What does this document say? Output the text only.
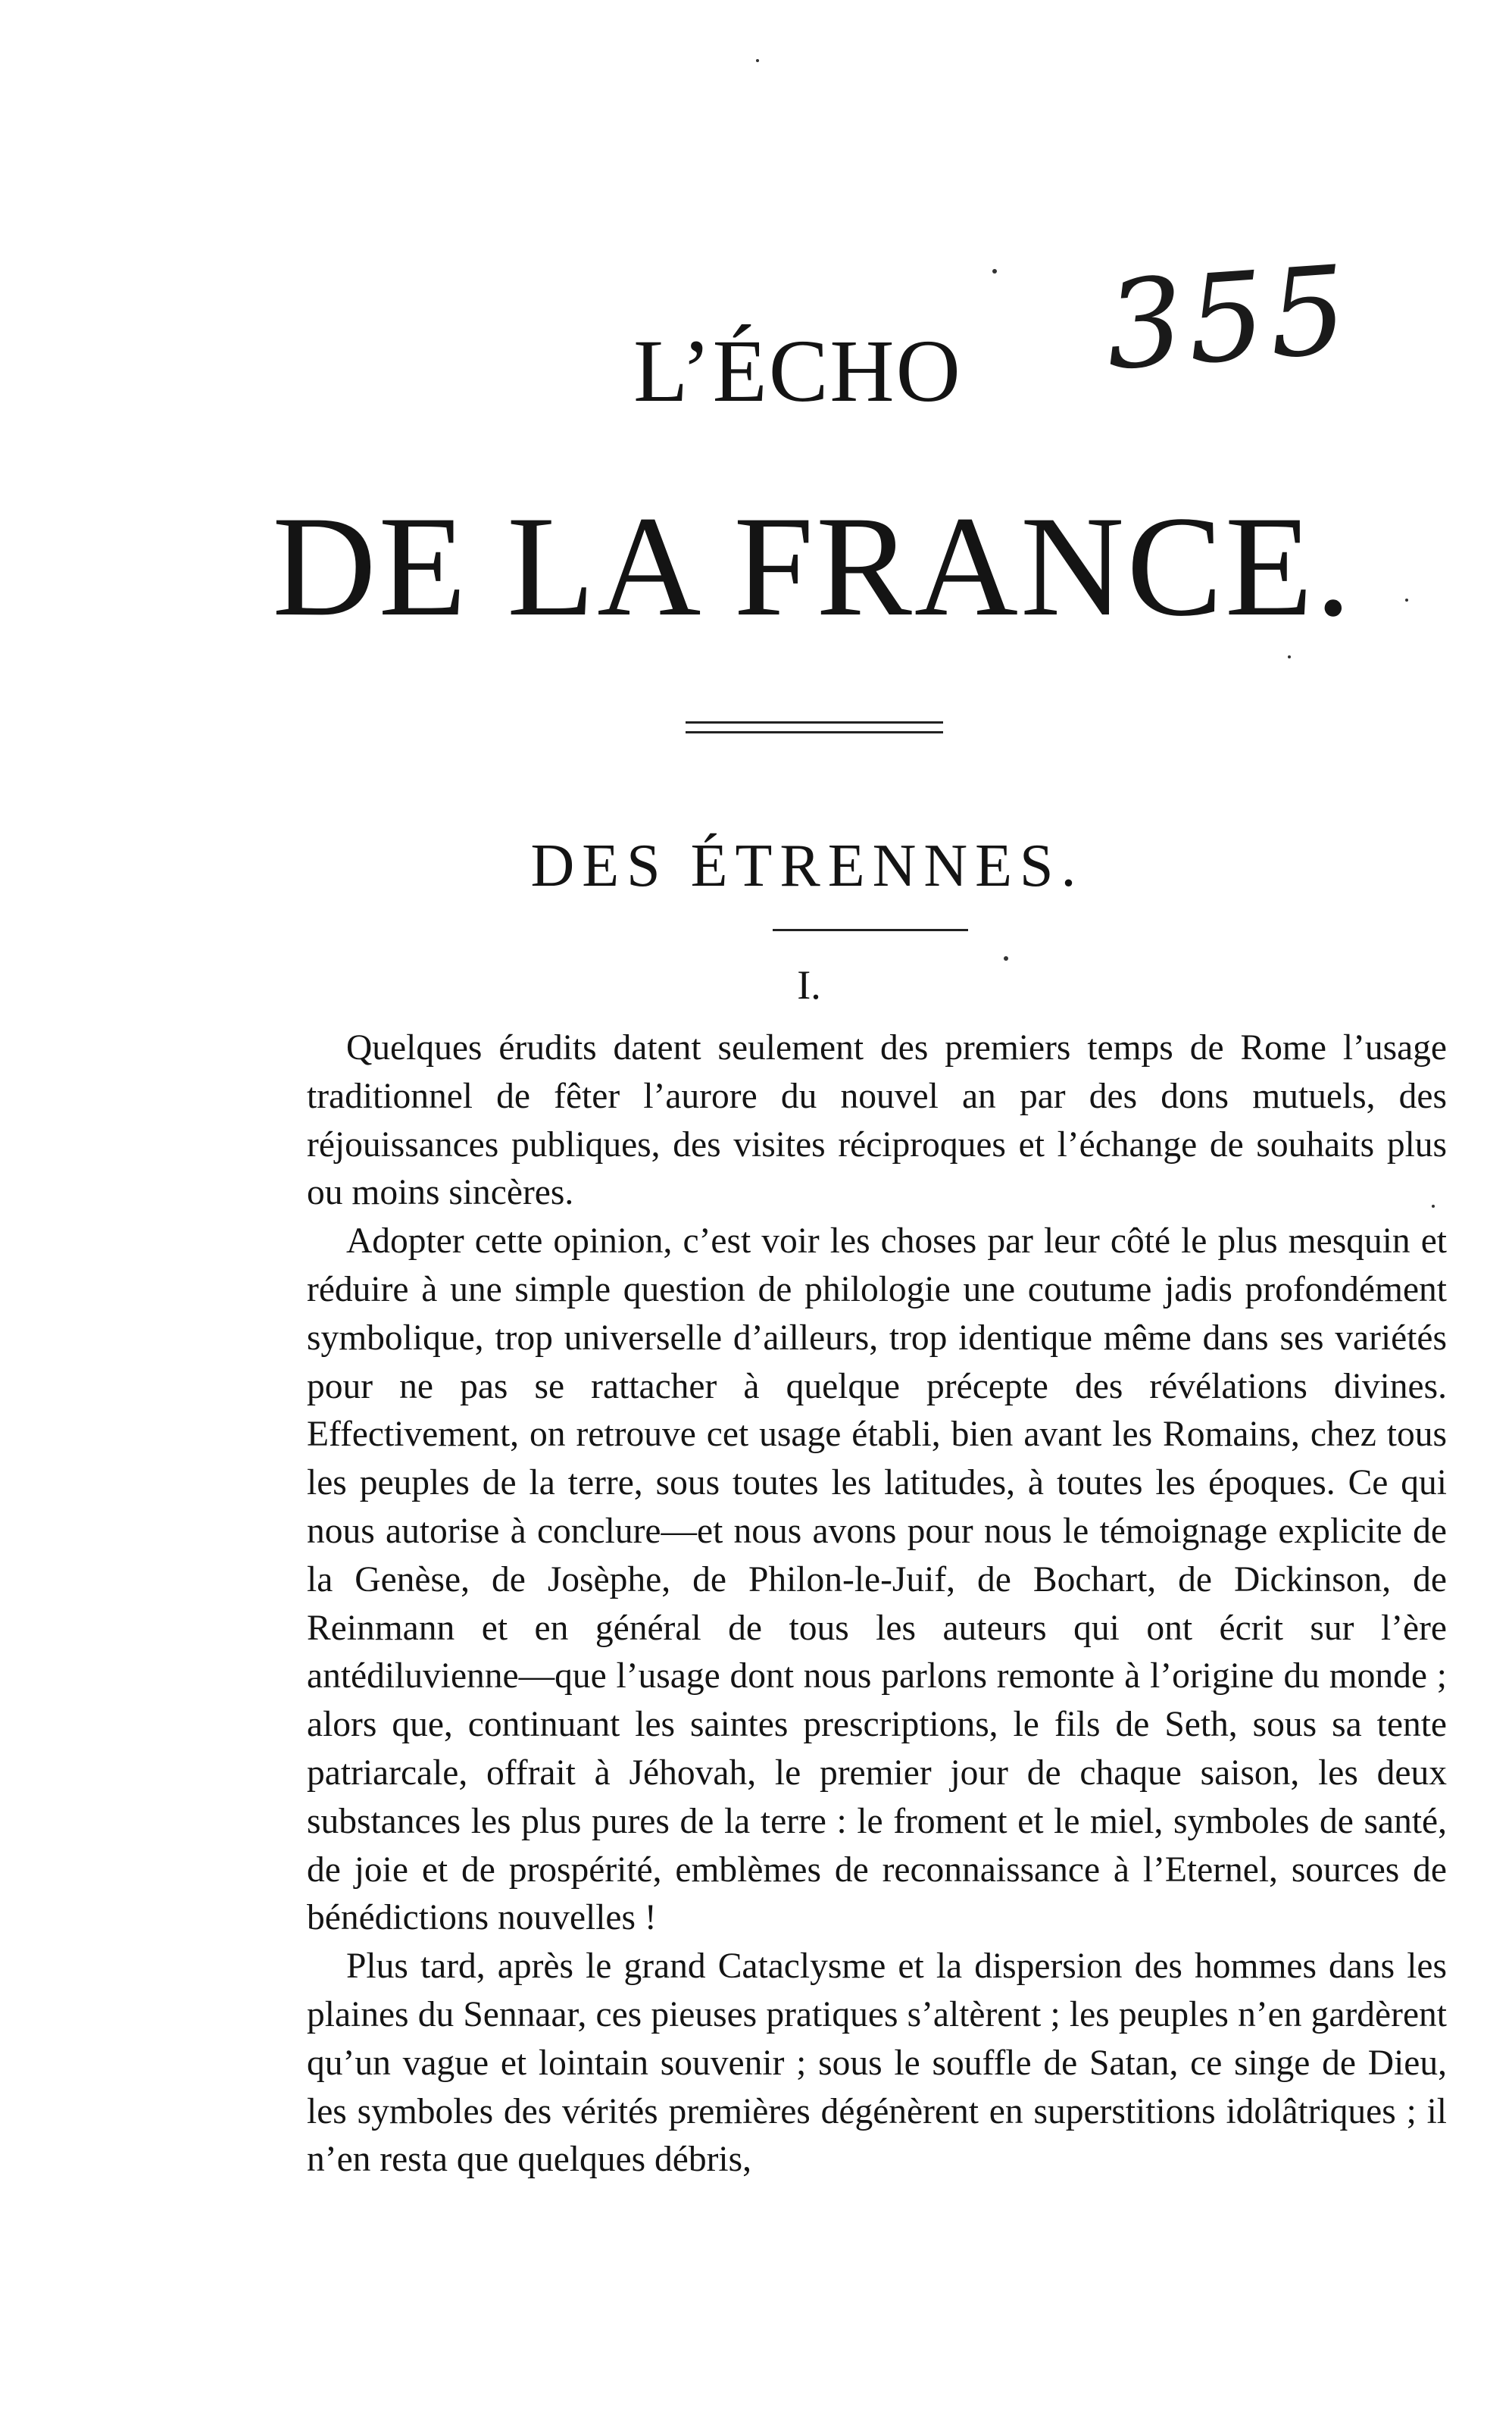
L’ÉCHO	355
DE LA FRANCE.
DES ÉTRENNES.
I.

Quelques érudits datent seulement des premiers temps de Rome l’usage traditionnel de fêter l’aurore du nouvel an par des dons mutuels, des réjouissances publiques, des visites réciproques et l’échange de souhaits plus ou moins sincères.

Adopter cette opinion, c’est voir les choses par leur côté le plus mesquin et réduire à une simple question de philologie une coutume jadis profondément symbolique, trop universelle d’ailleurs, trop identique même dans ses variétés pour ne pas se rattacher à quelque précepte des révélations divines. Effectivement, on retrouve cet usage établi, bien avant les Romains, chez tous les peuples de la terre, sous toutes les latitudes, à toutes les époques. Ce qui nous autorise à conclure—et nous avons pour nous le témoignage explicite de la Genèse, de Josèphe, de Philon-le-Juif, de Bochart, de Dickinson, de Reinmann et en général de tous les auteurs qui ont écrit sur l’ère antédiluvienne—que l’usage dont nous parlons remonte à l’origine du monde ; alors que, continuant les saintes prescriptions, le fils de Seth, sous sa tente patriarcale, offrait à Jéhovah, le premier jour de chaque saison, les deux substances les plus pures de la terre : le froment et le miel, symboles de santé, de joie et de prospérité, emblèmes de reconnaissance à l’Eternel, sources de bénédictions nouvelles !

Plus tard, après le grand Cataclysme et la dispersion des hommes dans les plaines du Sennaar, ces pieuses pratiques s’altèrent ; les peuples n’en gardèrent qu’un vague et lointain souvenir ; sous le souffle de Satan, ce singe de Dieu, les symboles des vérités premières dégénèrent en superstitions idolâtriques ; il n’en resta que quelques débris,
